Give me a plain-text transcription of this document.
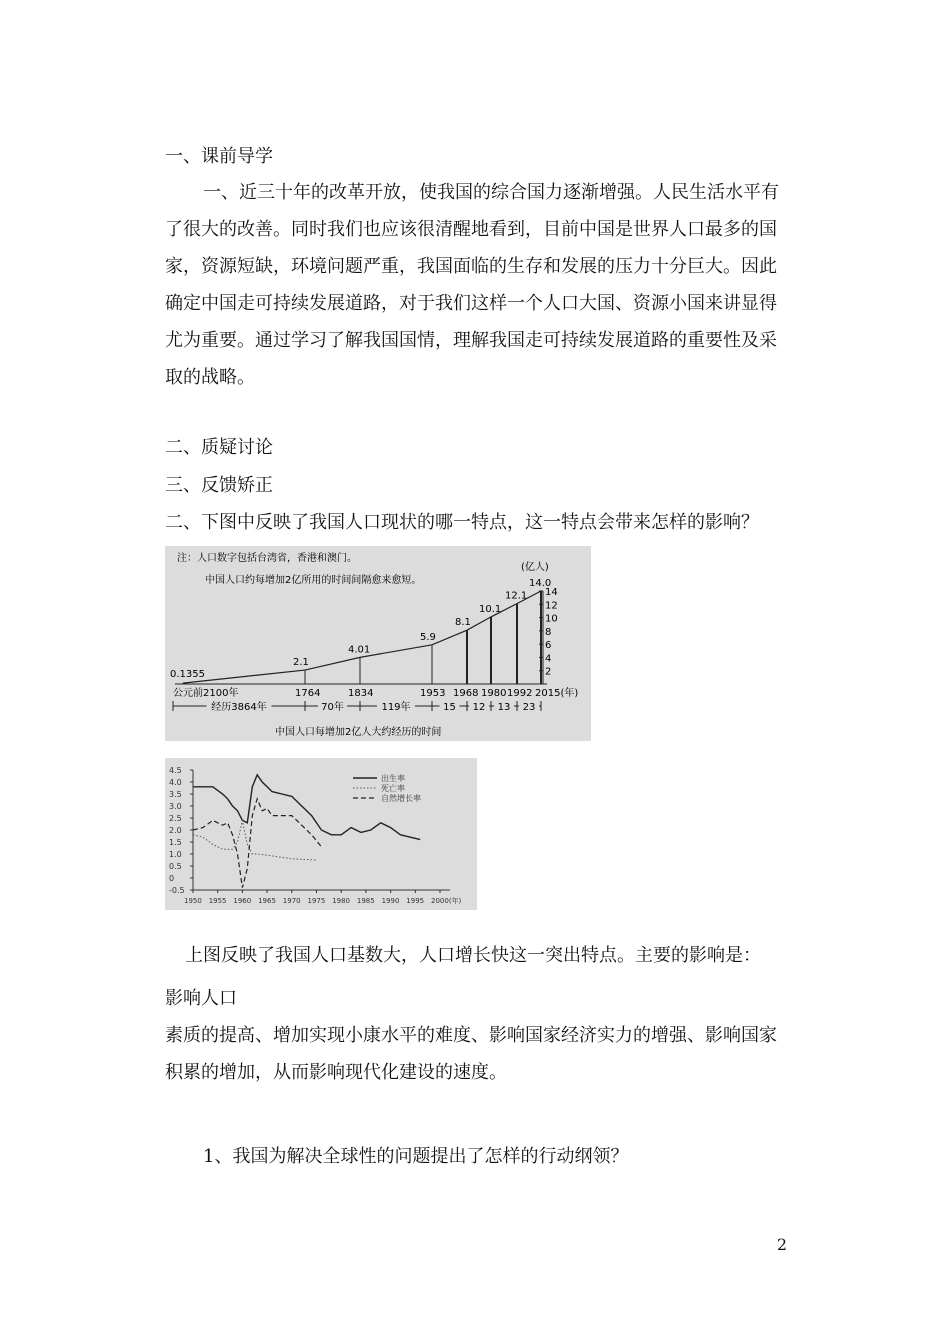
一、课前导学
一、近三十年的改革开放，使我国的综合国力逐渐增强。人民生活水平有了很大的改善。同时我们也应该很清醒地看到，目前中国是世界人口最多的国家，资源短缺，环境问题严重，我国面临的生存和发展的压力十分巨大。因此确定中国走可持续发展道路，对于我们这样一个人口大国、资源小国来讲显得尤为重要。通过学习了解我国国情，理解我国走可持续发展道路的重要性及采取的战略。
二、质疑讨论
三、反馈矫正
二、下图中反映了我国人口现状的哪一特点，这一特点会带来怎样的影响？
注：人口数字包括台湾省，香港和澳门。
中国人口约每增加2亿所用的时间间隔愈来愈短。
(亿人)
中国人口每增加2亿人大约经历的时间
14
12
10
8
6
4
2
0.1355
2.1
4.01
5.9
8.1
10.1
12.1
14.0
公元前2100年	1764	1834	1953 1968 1980 1992 2015(年)
经历3864年	70年	119年	15 12 13 23
4.5
4.0
3.5
3.0
2.5
2.0
1.5
1.0
0.5
0
-0.5
1950 1955 1960 1965 1970 1975 1980 1985 1990 1995 2000(年)
出生率
死亡率
自然增长率
上图反映了我国人口基数大，人口增长快这一突出特点。主要的影响是：
影响人口
素质的提高、增加实现小康水平的难度、影响国家经济实力的增强、影响国家积累的增加，从而影响现代化建设的速度。
1、我国为解决全球性的问题提出了怎样的行动纲领？
2
